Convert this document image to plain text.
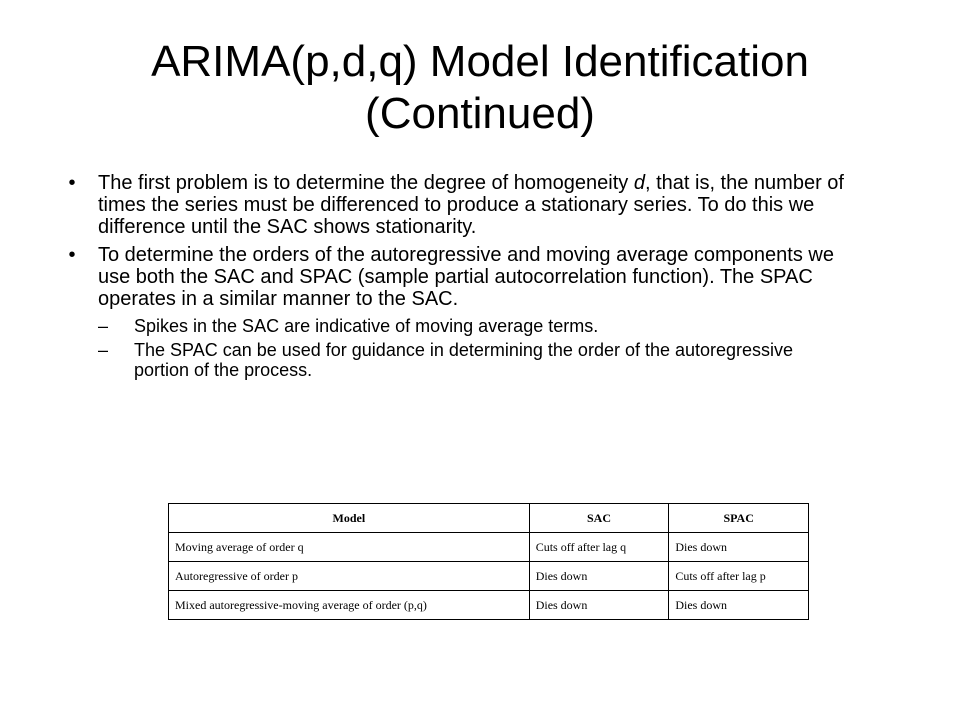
ARIMA(p,d,q) Model Identification
(Continued)
•	The first problem is to determine the degree of homogeneity d, that is, the number of times the series must be differenced to produce a stationary series. To do this we difference until the SAC shows stationarity.
•	To determine the orders of the autoregressive and moving average components we use both the SAC and SPAC (sample partial autocorrelation function). The SPAC operates in a similar manner to the SAC.
– Spikes in the SAC are indicative of moving average terms.
– The SPAC can be used for guidance in determining the order of the autoregressive portion of the process.
Model	SAC	SPAC
Moving average of order q	Cuts off after lag q	Dies down
Autoregressive of order p	Dies down	Cuts off after lag p
Mixed autoregressive-moving average of order (p,q)	Dies down	Dies down
